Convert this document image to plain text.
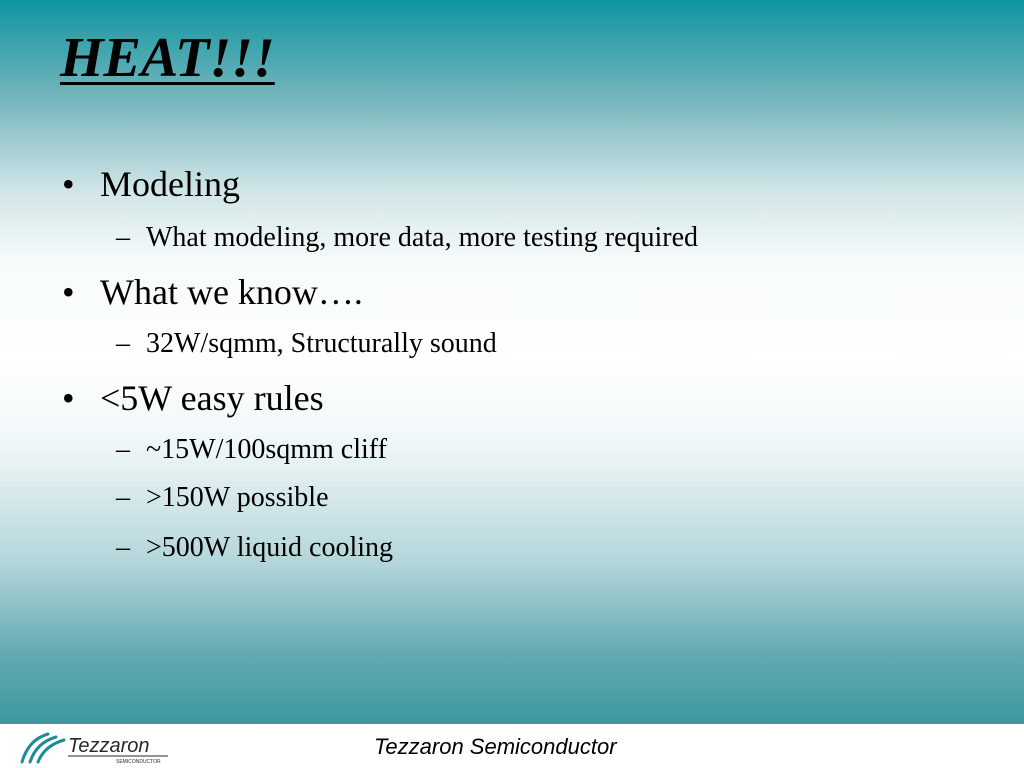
HEAT!!!
• Modeling
– What modeling, more data, more testing required
• What we know….
– 32W/sqmm, Structurally sound
• <5W easy rules
– ~15W/100sqmm cliff
– >150W possible
– >500W liquid cooling
Tezzaron
SEMICONDUCTOR
Tezzaron Semiconductor
